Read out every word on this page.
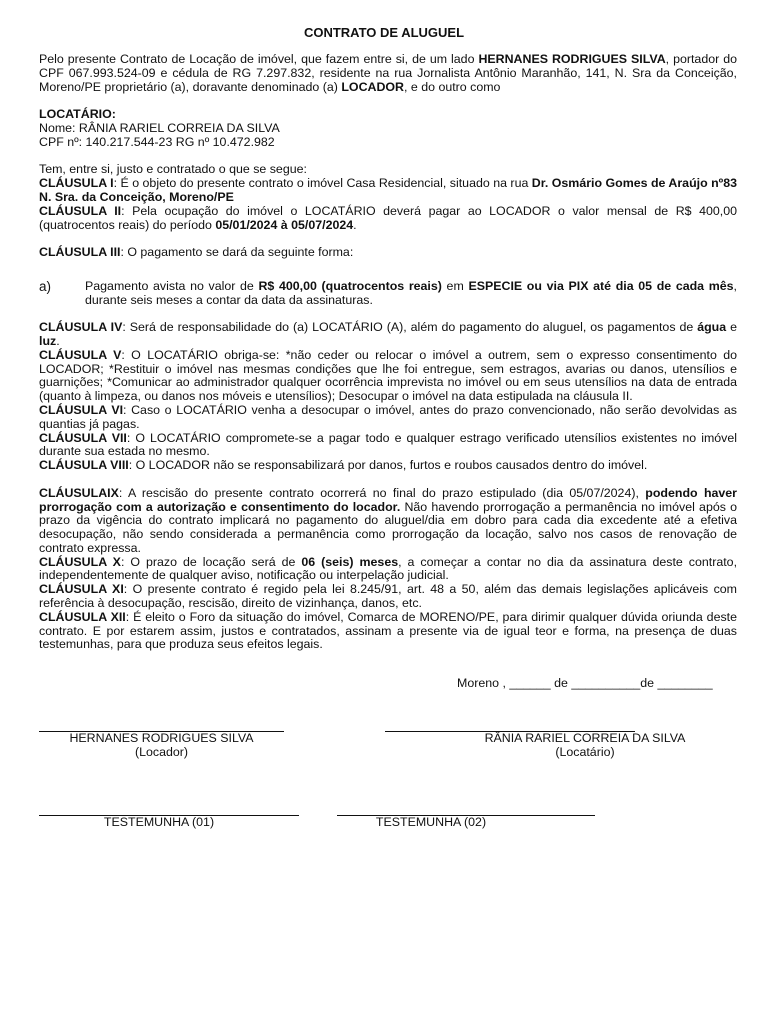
CONTRATO DE ALUGUEL

Pelo presente Contrato de Locação de imóvel, que fazem entre si, de um lado HERNANES RODRIGUES SILVA, portador do CPF 067.993.524-09 e cédula de RG 7.297.832, residente na rua Jornalista Antônio Maranhão, 141, N. Sra da Conceição, Moreno/PE proprietário (a), doravante denominado (a) LOCADOR, e do outro como

LOCATÁRIO:

Nome: RÂNIA RARIEL CORREIA DA SILVA

CPF nº: 140.217.544-23 RG nº 10.472.982

Tem, entre si, justo e contratado o que se segue:

CLÁUSULA I: É o objeto do presente contrato o imóvel Casa Residencial, situado na rua Dr. Osmário Gomes de Araújo nº83 N. Sra. da Conceição, Moreno/PE

CLÁUSULA II: Pela ocupação do imóvel o LOCATÁRIO deverá pagar ao LOCADOR o valor mensal de R$ 400,00 (quatrocentos reais) do período 05/01/2024 à 05/07/2024.

CLÁUSULA III: O pagamento se dará da seguinte forma:

a)	Pagamento avista no valor de R$ 400,00 (quatrocentos reais) em ESPECIE ou via PIX até dia 05 de cada mês, durante seis meses a contar da data da assinaturas.

CLÁUSULA IV: Será de responsabilidade do (a) LOCATÁRIO (A), além do pagamento do aluguel, os pagamentos de água e luz.

CLÁUSULA V: O LOCATÁRIO obriga-se: *não ceder ou relocar o imóvel a outrem, sem o expresso consentimento do LOCADOR; *Restituir o imóvel nas mesmas condições que lhe foi entregue, sem estragos, avarias ou danos, utensílios e guarnições; *Comunicar ao administrador qualquer ocorrência imprevista no imóvel ou em seus utensílios na data de entrada (quanto à limpeza, ou danos nos móveis e utensílios); Desocupar o imóvel na data estipulada na cláusula II.

CLÁUSULA VI: Caso o LOCATÁRIO venha a desocupar o imóvel, antes do prazo convencionado, não serão devolvidas as quantias já pagas.

CLÁUSULA VII: O LOCATÁRIO compromete-se a pagar todo e qualquer estrago verificado utensílios existentes no imóvel durante sua estada no mesmo.

CLÁUSULA VIII: O LOCADOR não se responsabilizará por danos, furtos e roubos causados dentro do imóvel.

CLÁUSULAIX: A rescisão do presente contrato ocorrerá no final do prazo estipulado (dia 05/07/2024), podendo haver prorrogação com a autorização e consentimento do locador. Não havendo prorrogação a permanência no imóvel após o prazo da vigência do contrato implicará no pagamento do aluguel/dia em dobro para cada dia excedente até a efetiva desocupação, não sendo considerada a permanência como prorrogação da locação, salvo nos casos de renovação de contrato expressa.

CLÁUSULA X: O prazo de locação será de 06 (seis) meses, a começar a contar no dia da assinatura deste contrato, independentemente de qualquer aviso, notificação ou interpelação judicial.

CLÁUSULA XI: O presente contrato é regido pela lei 8.245/91, art. 48 a 50, além das demais legislações aplicáveis com referência à desocupação, rescisão, direito de vizinhança, danos, etc.

CLÁUSULA XII: É eleito o Foro da situação do imóvel, Comarca de MORENO/PE, para dirimir qualquer dúvida oriunda deste contrato. E por estarem assim, justos e contratados, assinam a presente via de igual teor e forma, na presença de duas testemunhas, para que produza seus efeitos legais.

Moreno , ______ de __________de ________
HERNANES RODRIGUES SILVA
(Locador)
RÂNIA RARIEL CORREIA DA SILVA
(Locatário)
TESTEMUNHA (01)	TESTEMUNHA (02)
